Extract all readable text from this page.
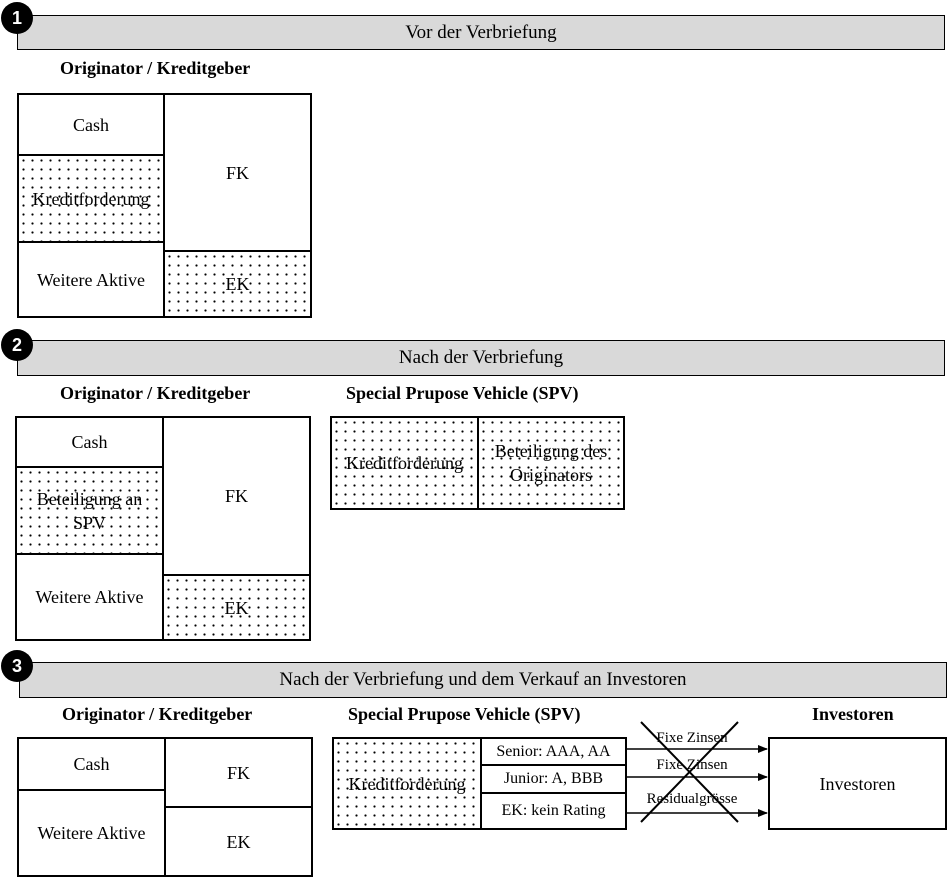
Vor der Verbriefung
1
Originator / Kreditgeber
Cash
Kreditforderung
Weitere Aktive
FK
EK
Nach der Verbriefung
2
Originator / Kreditgeber	Special Prupose Vehicle (SPV)
Cash
Beteiligung an SPV
Weitere Aktive
FK
EK
Kreditforderung
Beteiligung des Originators
Nach der Verbriefung und dem Verkauf an Investoren
3
Originator / Kreditgeber	Special Prupose Vehicle (SPV)	Investoren
Cash
Weitere Aktive
FK
EK
Kreditforderung
Senior: AAA, AA
Junior: A, BBB
EK: kein Rating
Investoren
Fixe Zinsen
Fixe Zinsen
Residualgrösse
